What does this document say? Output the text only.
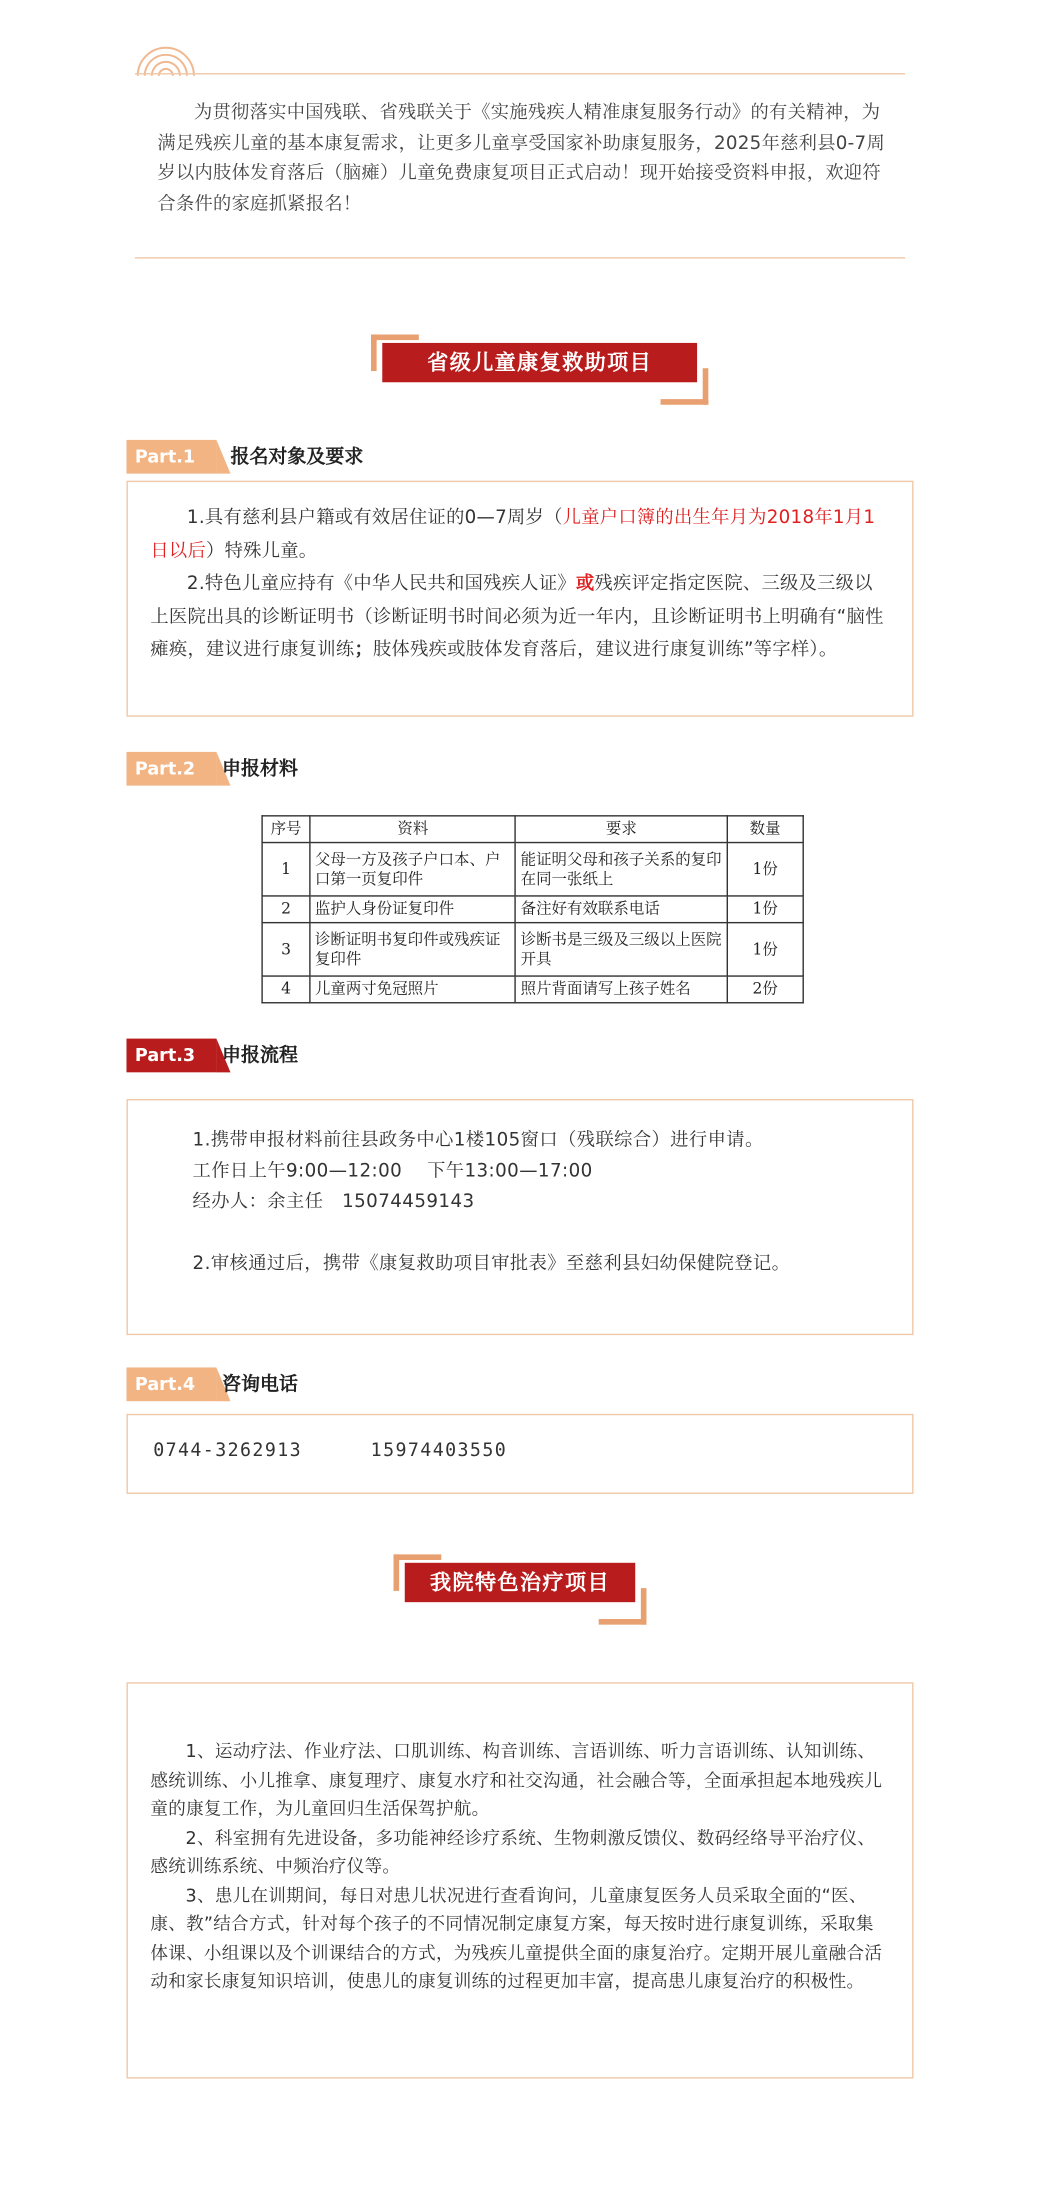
为贯彻落实中国残联、省残联关于《实施残疾人精准康复服务行动》的有关精神，为满足残疾儿童的基本康复需求，让更多儿童享受国家补助康复服务，2025年慈利县0-7周岁以内肢体发育落后（脑瘫）儿童免费康复项目正式启动！现开始接受资料申报，欢迎符合条件的家庭抓紧报名！
省级儿童康复救助项目
Part.1	报名对象及要求

1.具有慈利县户籍或有效居住证的0—7周岁（儿童户口簿的出生年月为2018年1月1日以后）特殊儿童。

2.特色儿童应持有《中华人民共和国残疾人证》或残疾评定指定医院、三级及三级以上医院出具的诊断证明书（诊断证明书时间必须为近一年内，且诊断证明书上明确有“脑性瘫痪，建议进行康复训练；肢体残疾或肢体发育落后，建议进行康复训练”等字样）。

Part.2	申报材料
序号	资料	要求	数量
1	父母一方及孩子户口本、户口第一页复印件	能证明父母和孩子关系的复印在同一张纸上	1份
2	监护人身份证复印件	备注好有效联系电话	1份
3	诊断证明书复印件或残疾证复印件	诊断书是三级及三级以上医院开具	1份
4	儿童两寸免冠照片	照片背面请写上孩子姓名	2份
Part.3	申报流程
1.携带申报材料前往县政务中心1楼105窗口（残联综合）进行申请。
工作日上午9:00—12:00    下午13:00—17:00
经办人：余主任   15074459143
2.审核通过后，携带《康复救助项目审批表》至慈利县妇幼保健院登记。
Part.4	咨询电话
0744-3262913	15974403550
我院特色治疗项目

1、运动疗法、作业疗法、口肌训练、构音训练、言语训练、听力言语训练、认知训练、感统训练、小儿推拿、康复理疗、康复水疗和社交沟通，社会融合等，全面承担起本地残疾儿童的康复工作，为儿童回归生活保驾护航。

2、科室拥有先进设备，多功能神经诊疗系统、生物刺激反馈仪、数码经络导平治疗仪、感统训练系统、中频治疗仪等。

3、患儿在训期间，每日对患儿状况进行查看询问，儿童康复医务人员采取全面的“医、康、教”结合方式，针对每个孩子的不同情况制定康复方案，每天按时进行康复训练，采取集体课、小组课以及个训课结合的方式，为残疾儿童提供全面的康复治疗。定期开展儿童融合活动和家长康复知识培训，使患儿的康复训练的过程更加丰富，提高患儿康复治疗的积极性。
